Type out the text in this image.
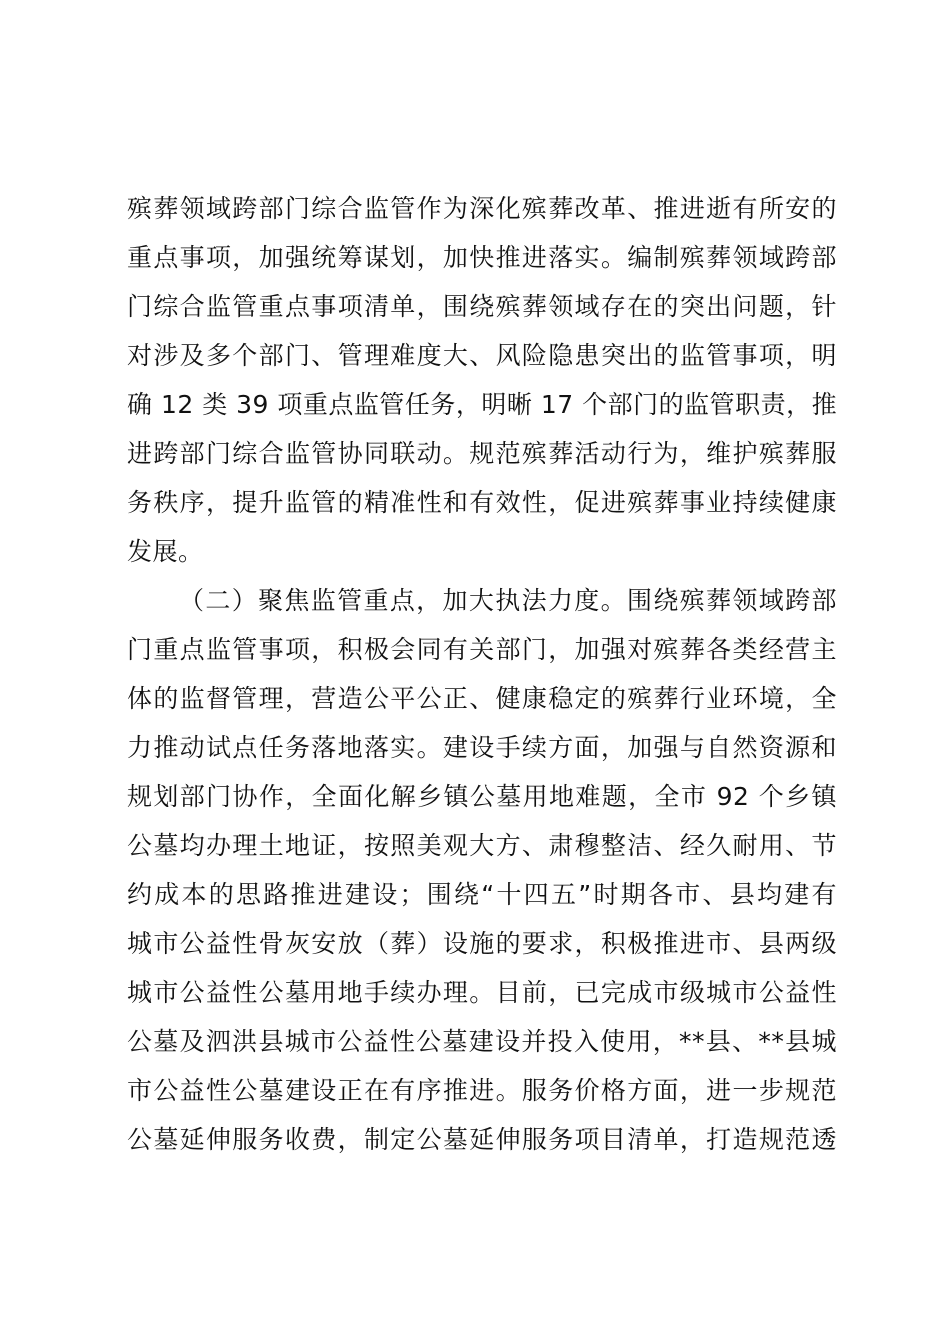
殡葬领域跨部门综合监管作为深化殡葬改革、推进逝有所安的
重点事项，加强统筹谋划，加快推进落实。编制殡葬领域跨部
门综合监管重点事项清单，围绕殡葬领域存在的突出问题，针
对涉及多个部门、管理难度大、风险隐患突出的监管事项，明
确 12 类 39 项重点监管任务，明晰 17 个部门的监管职责，推
进跨部门综合监管协同联动。规范殡葬活动行为，维护殡葬服
务秩序，提升监管的精准性和有效性，促进殡葬事业持续健康
发展。
（二）聚焦监管重点，加大执法力度。围绕殡葬领域跨部
门重点监管事项，积极会同有关部门，加强对殡葬各类经营主
体的监督管理，营造公平公正、健康稳定的殡葬行业环境，全
力推动试点任务落地落实。建设手续方面，加强与自然资源和
规划部门协作，全面化解乡镇公墓用地难题，全市 92 个乡镇
公墓均办理土地证，按照美观大方、肃穆整洁、经久耐用、节
约成本的思路推进建设；围绕“十四五”时期各市、县均建有
城市公益性骨灰安放（葬）设施的要求，积极推进市、县两级
城市公益性公墓用地手续办理。目前，已完成市级城市公益性
公墓及泗洪县城市公益性公墓建设并投入使用，**县、**县城
市公益性公墓建设正在有序推进。服务价格方面，进一步规范
公墓延伸服务收费，制定公墓延伸服务项目清单，打造规范透
